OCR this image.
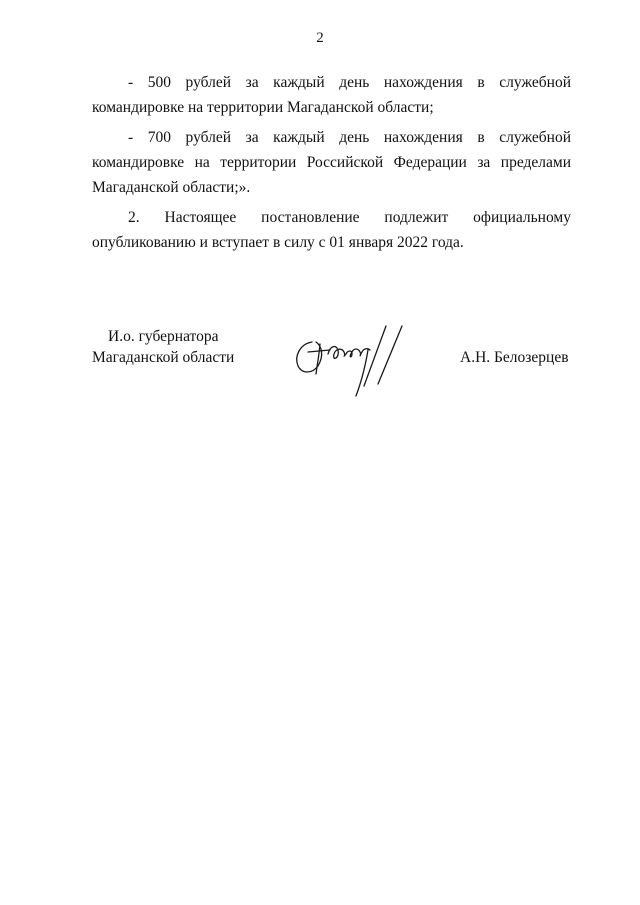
2

- 500 рублей за каждый день нахождения в служебной командировке на территории Магаданской области;

- 700 рублей за каждый день нахождения в служебной командировке на территории Российской Федерации за пределами Магаданской области;».

2. Настоящее постановление подлежит официальному опубликованию и вступает в силу с 01 января 2022 года.

И.о. губернатора
Магаданской области	А.Н. Белозерцев
